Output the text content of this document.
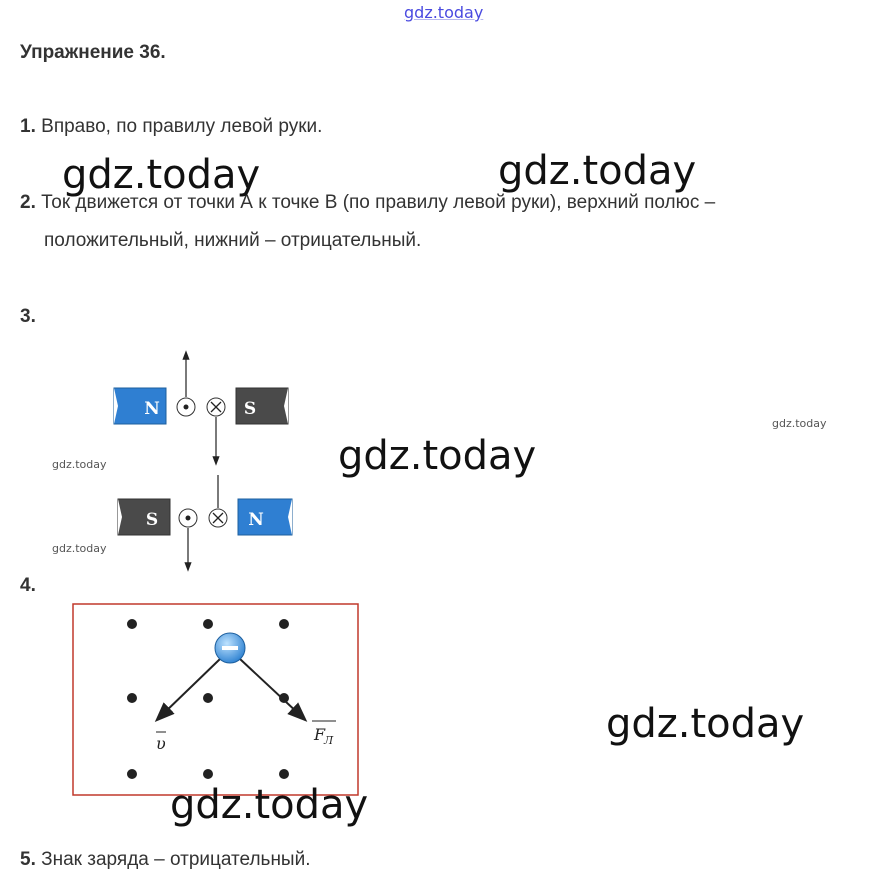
gdz.today
Упражнение 36.
1. Вправо, по правилу левой руки.
2. Ток движется от точки А к точке В (по правилу левой руки), верхний полюс –
положительный, нижний – отрицательный.
3.
N	S
S	N
4.
υ	F
Л
5. Знак заряда – отрицательный.
gdz.today	gdz.today
gdz.today
gdz.today
gdz.today
gdz.today
gdz.today
gdz.today
